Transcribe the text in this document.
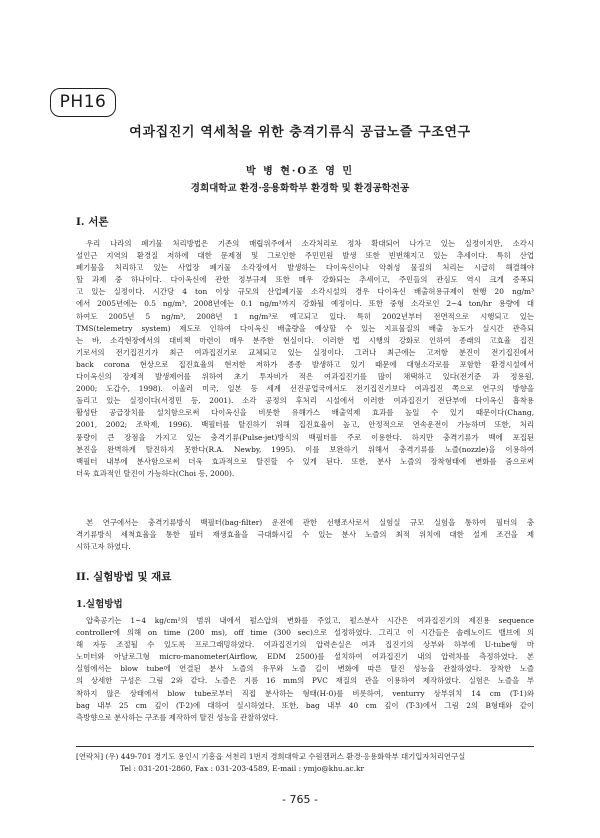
PH16
여과집진기 역세척을 위한 충격기류식 공급노즐 구조연구
박 병 현·O조 영 민
경희대학교 환경·응용화학부 환경학 및 환경공학전공
I. 서론
우리 나라의 폐기물 처리방법은 기존의 매립위주에서 소각처리로 정차 확대되어 나가고 있는 실정이지만, 소각시
설인근 지역의 환경질 저하에 대한 문제점 및 그로인한 주민민원 발생 또한 빈번해지고 있는 추세이다. 특히 산업
폐기물을 처리하고 있는 사업장 폐기물 소각장에서 발생하는 다이옥신이나 악취성 물질의 처리는 시급히 해결해야
할 과제 중 하나이다. 다이옥신에 관한 정부규제 또한 매우 강화되는 추세이고, 주민들의 관심도 역시 크게 증폭되
고 있는 실정이다. 시간당 4 ton 이상 규모의 산업폐기물 소각시설의 경우 다이옥신 배출허용규제이 현행 20 ng/m³
에서 2005년에는 0.5 ng/m³, 2008년에는 0.1 ng/m³까지 강화될 예정이다. 또한 중형 소각로인 2~4 ton/hr 용량에 대
하여도 2005년 5 ng/m³, 2008년 1 ng/m³로 예고되고 있다. 특히 2002년부터 전면적으로 시행되고 있는
TMS(telemetry system) 제도로 인하여 다이옥신 배출량을 예상할 수 있는 지표물질의 배출 농도가 실시간 관측되
는 바, 소각현장에서의 대비책 마련이 매우 분주한 현실이다. 이러한 법 시행의 강화로 인하여 종래의 고효율 집진
기로서의 전기집진기가 최근 여과집진기로 교체되고 있는 실정이다. 그러나 최근에는 고저항 분진이 전기집진에서
back corona 현상으로 집진효율의 현저한 저하가 종종 발생하고 있기 때문에 대형소각로를 포함한 환경시설에서
다이옥신의 장제적 발생제어를 위하여 초기 투자비가 적은 여과집진기를 많이 채택하고 있다(전기준 과 정용원,
2000; 도갑수, 1998). 이울러 미국, 일본 등 세계 선진공업국에서도 전기집진기보다 여과집진 쪽으로 연구의 방향을
돌리고 있는 실정이다(서정민 등, 2001). 소각 공정의 후처리 시설에서 이러한 여과집진기 전단부에 다이옥신 흡착용
활성탄 공급장치를 설치함으로써 다이옥신을 비롯한 유해가스 배출억제 효과를 높일 수 있기 때문이다(Chang,
2001, 2002; 조학제, 1996). 백필터를 탈진하기 위해 집진효율이 높고, 안정적으로 연속운전이 가능하며 또한, 처리
풍량이 큰 장점을 가지고 있는 충격기류(Pulse-jet)방식의 백필터를 주로 이용한다. 하지만 충격기류가 백에 포집된
분진을 완벽하게 탈진하지 못한다(R.A. Newby, 1995). 이를 보완하기 위해서 충격기류를 노즐(nozzle)을 이용하여
백필터 내부에 분사함으로써 더욱 효과적으로 탈진할 수 있게 된다. 또한, 분사 노즐의 장착형태에 변화를 줌으로써
더욱 효과적인 탈진이 가능하다(Choi 등, 2000).
본 연구에서는 충격기류방식 백필터(bag-filter) 운전에 관한 선행조사로서 실험실 규모 실험을 통하여 필터의 충
격기류방식 세척효율을 통한 필터 재생효율을 극대화시킬 수 있는 분사 노즐의 최적 위치에 대한 설계 조건을 제
시하고자 하였다.
II. 실험방법 및 재료
1.실험방법
압축공기는 1~4 kg/cm²의 범위 내에서 펄스압의 변화를 주었고, 펄스분사 시간은 여과집진기의 제진용 sequence
controller에 의해 on time (200 ms), off time (300 sec)으로 설정하였다. 그리고 이 시간들은 솔레노이드 밸브에 의
해 자동 조절될 수 있도록 프로그래밍하였다. 여과집진기의 압력손실은 여과 집진기의 상부와 하부에 U-tube형 마
노미터와 아날로그형 micro-manometer(Airflow, EDM 2500)를 설치하여 여과집진기 내의 압력차를 측정하였다. 본
실험에서는 blow tube에 연결된 분사 노즐의 유무와 노즐 길이 변화에 따른 탈진 성능을 관찰하였다. 장착한 노즐
의 상세한 구성은 그림 2와 같다. 노즐은 지름 16 mm의 PVC 재질의 관을 이용하여 제작하였다. 실험은 노즐을 부
착하지 않은 상태에서 blow tube로부터 직접 분사하는 형태(H-0)를 비롯하여, venturry 상부위치 14 cm (T-1)와
bag 내부 25 cm 깊이 (T-2)에 대하여 실시하였다. 또한, bag 내부 40 cm 깊이 (T-3)에서 그림 2의 B형태와 같이
측방향으로 분사하는 구조를 제작하여 탈진 성능을 관찰하였다.
[연락처] (우) 449-701 경기도 용인시 기흥읍 서천리 1번지 경희대학교 수원캠퍼스 환경·응용화학부 대기입자처리연구실
Tel : 031-201-2860, Fax : 031-203-4589, E-mail : ymjo@khu.ac.kr
- 765 -
